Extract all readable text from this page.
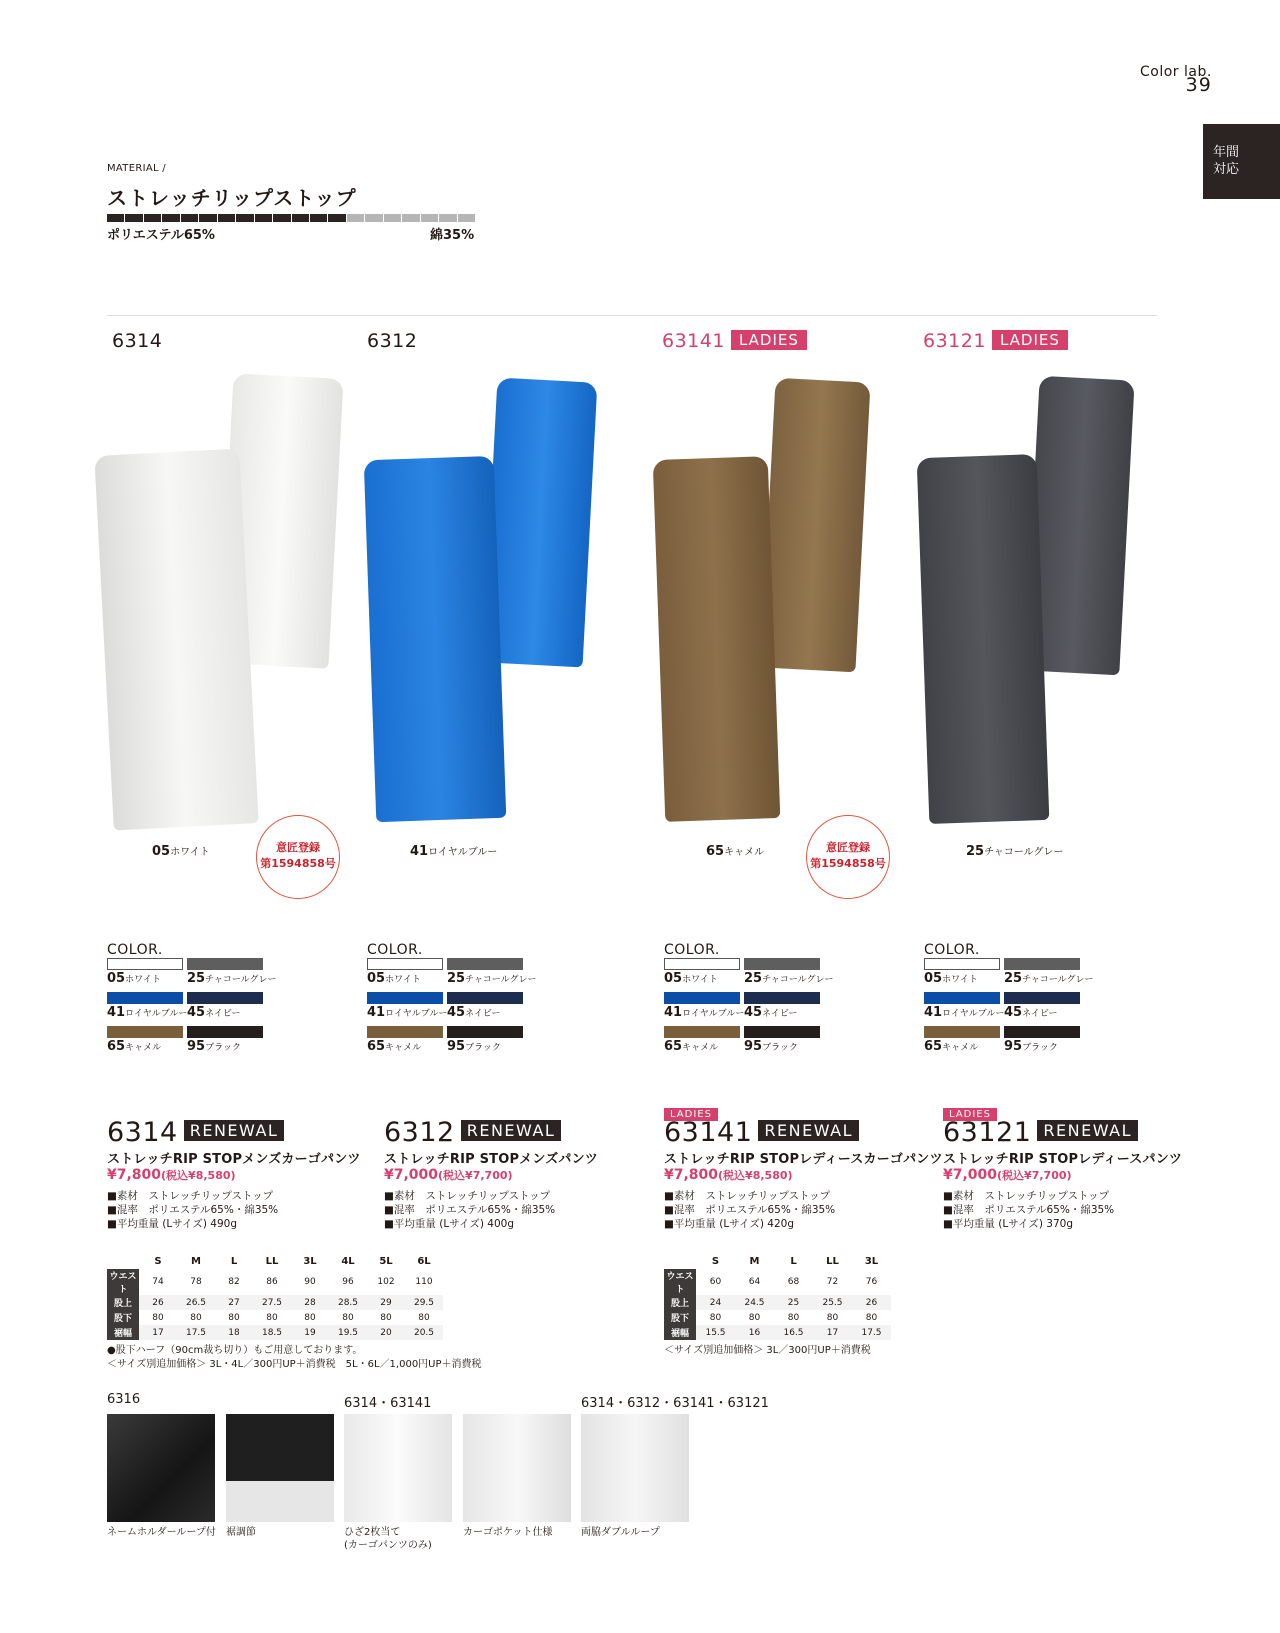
Color lab.
39
年間
対応
MATERIAL /
ストレッチリップストップ
ポリエステル65%	綿35%
6314	6312	63141 LADIES	63121 LADIES
05ホワイト	41ロイヤルブルー	65キャメル	25チャコールグレー
意匠登録
第1594858号
意匠登録
第1594858号
COLOR.
05ホワイト	25チャコールグレー
41ロイヤルブルー 45ネイビー
65キャメル	95ブラック
COLOR.
05ホワイト	25チャコールグレー
41ロイヤルブルー 45ネイビー
65キャメル	95ブラック
COLOR.
05ホワイト	25チャコールグレー
41ロイヤルブルー 45ネイビー
65キャメル	95ブラック
COLOR.
05ホワイト	25チャコールグレー
41ロイヤルブルー 45ネイビー
65キャメル	95ブラック
6314 RENEWAL
ストレッチRIP STOPメンズカーゴパンツ
¥7,800(税込¥8,580)
■素材　ストレッチリップストップ
■混率　ポリエステル65%・綿35%
■平均重量 (Lサイズ) 490g
6312 RENEWAL
ストレッチRIP STOPメンズパンツ
¥7,000(税込¥7,700)
■素材　ストレッチリップストップ
■混率　ポリエステル65%・綿35%
■平均重量 (Lサイズ) 400g
LADIES
63141 RENEWAL
ストレッチRIP STOPレディースカーゴパンツ
¥7,800(税込¥8,580)
■素材　ストレッチリップストップ
■混率　ポリエステル65%・綿35%
■平均重量 (Lサイズ) 420g
LADIES
63121 RENEWAL
ストレッチRIP STOPレディースパンツ
¥7,000(税込¥7,700)
■素材　ストレッチリップストップ
■混率　ポリエステル65%・綿35%
■平均重量 (Lサイズ) 370g
	S	M	L	LL	3L	4L	5L	6L
ウエスト	74	78	82	86	90	96	102	110
股上	26	26.5	27	27.5	28	28.5	29	29.5
股下	80	80	80	80	80	80	80	80
裾幅	17	17.5	18	18.5	19	19.5	20	20.5
●股下ハーフ（90cm裁ち切り）もご用意しております。
＜サイズ別追加価格＞ 3L・4L／300円UP＋消費税　5L・6L／1,000円UP＋消費税
	S	M	L	LL	3L
ウエスト	60	64	68	72	76
股上	24	24.5	25	25.5	26
股下	80	80	80	80	80
裾幅	15.5	16	16.5	17	17.5
＜サイズ別追加価格＞ 3L／300円UP＋消費税
6316	6314・63141	6314・6312・63141・63121
ネームホルダーループ付 裾調節	ひざ2枚当て
(カーゴパンツのみ)
カーゴポケット仕様	両脇ダブルループ
